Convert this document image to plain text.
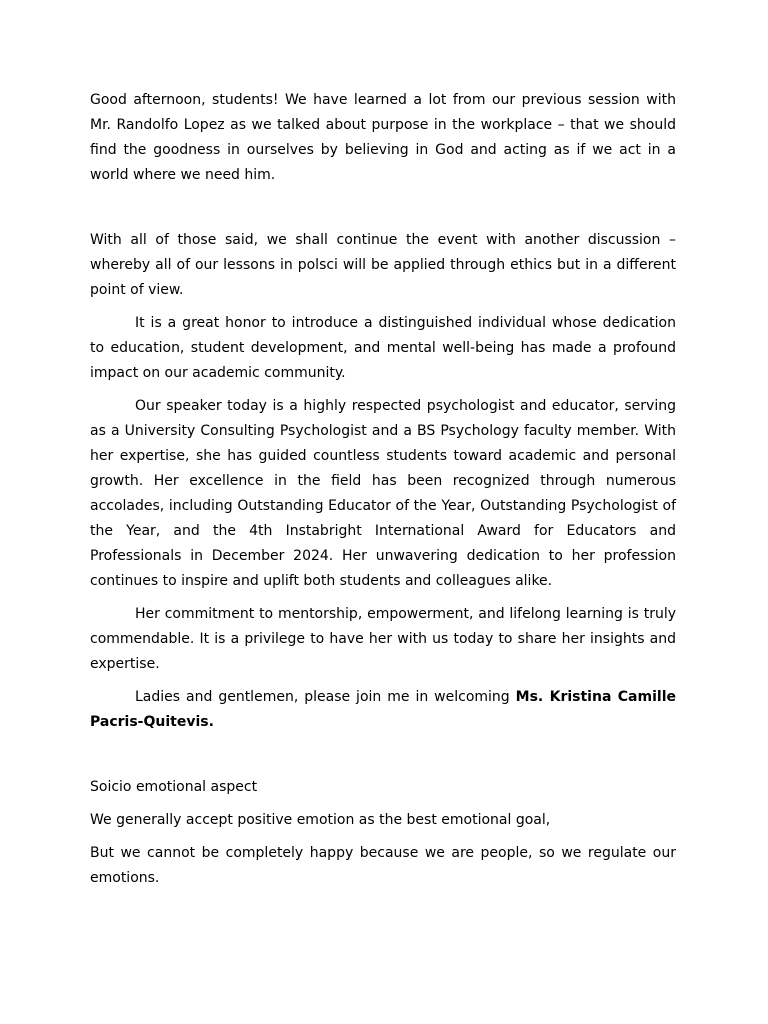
Good afternoon, students! We have learned a lot from our previous session with Mr. Randolfo Lopez as we talked about purpose in the workplace – that we should find the goodness in ourselves by believing in God and acting as if we act in a world where we need him.

With all of those said, we shall continue the event with another discussion – whereby all of our lessons in polsci will be applied through ethics but in a different point of view.

It is a great honor to introduce a distinguished individual whose dedication to education, student development, and mental well-being has made a profound impact on our academic community.

Our speaker today is a highly respected psychologist and educator, serving as a University Consulting Psychologist and a BS Psychology faculty member. With her expertise, she has guided countless students toward academic and personal growth. Her excellence in the field has been recognized through numerous accolades, including Outstanding Educator of the Year, Outstanding Psychologist of the Year, and the 4th Instabright International Award for Educators and Professionals in December 2024. Her unwavering dedication to her profession continues to inspire and uplift both students and colleagues alike.

Her commitment to mentorship, empowerment, and lifelong learning is truly commendable. It is a privilege to have her with us today to share her insights and expertise.

Ladies and gentlemen, please join me in welcoming Ms. Kristina Camille Pacris-Quitevis.

Soicio emotional aspect

We generally accept positive emotion as the best emotional goal,

But we cannot be completely happy because we are people, so we regulate our emotions.
